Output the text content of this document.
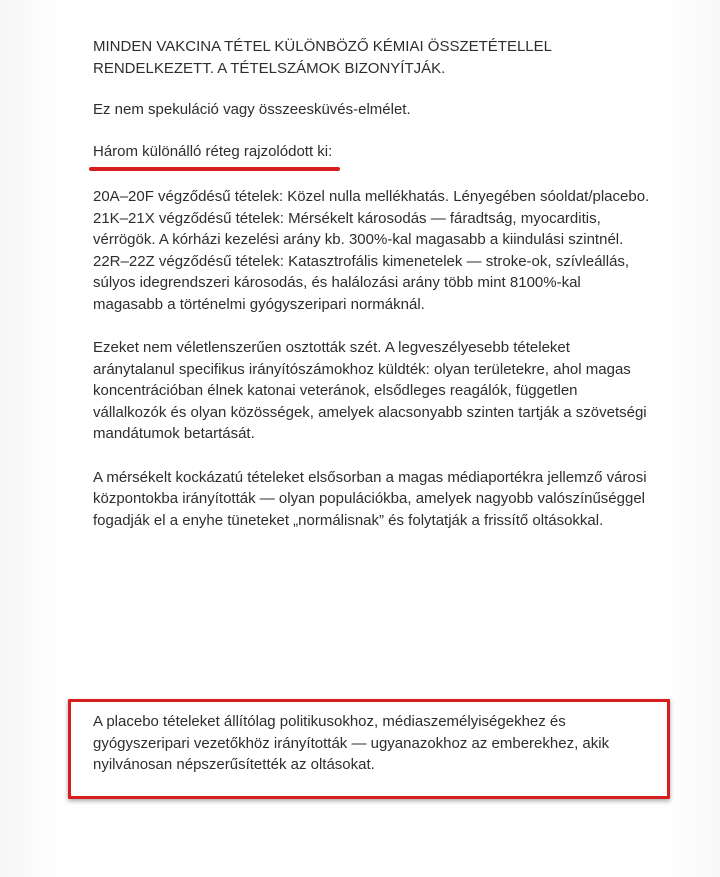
MINDEN VAKCINA TÉTEL KÜLÖNBÖZŐ KÉMIAI ÖSSZETÉTELLEL RENDELKEZETT. A TÉTELSZÁMOK BIZONYÍTJÁK.

Ez nem spekuláció vagy összeesküvés-elmélet.

Három különálló réteg rajzolódott ki:

20A–20F végződésű tételek: Közel nulla mellékhatás. Lényegében sóoldat/placebo.

21K–21X végződésű tételek: Mérsékelt károsodás — fáradtság, myocarditis, vérrögök. A kórházi kezelési arány kb. 300%-kal magasabb a kiindulási szintnél.

22R–22Z végződésű tételek: Katasztrofális kimenetelek — stroke-ok, szívleállás, súlyos idegrendszeri károsodás, és halálozási arány több mint 8100%-kal magasabb a történelmi gyógyszeripari normáknál.

Ezeket nem véletlenszerűen osztották szét. A legveszélyesebb tételeket aránytalanul specifikus irányítószámokhoz küldték: olyan területekre, ahol magas koncentrációban élnek katonai veteránok, elsődleges reagálók, független vállalkozók és olyan közösségek, amelyek alacsonyabb szinten tartják a szövetségi mandátumok betartását.

A mérsékelt kockázatú tételeket elsősorban a magas médiaportékra jellemző városi központokba irányították — olyan populációkba, amelyek nagyobb valószínűséggel fogadják el a enyhe tüneteket „normálisnak” és folytatják a frissítő oltásokkal.

A placebo tételeket állítólag politikusokhoz, médiaszemélyiségekhez és gyógyszeripari vezetőkhöz irányították — ugyanazokhoz az emberekhez, akik nyilvánosan népszerűsítették az oltásokat.
